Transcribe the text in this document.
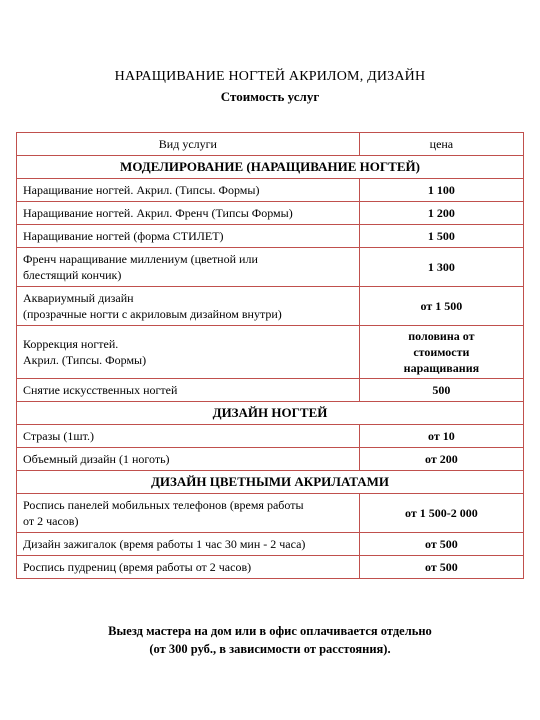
НАРАЩИВАНИЕ НОГТЕЙ АКРИЛОМ, ДИЗАЙН
Стоимость услуг
Вид услуги	цена
МОДЕЛИРОВАНИЕ (НАРАЩИВАНИЕ НОГТЕЙ)	
Наращивание ногтей. Акрил. (Типсы. Формы)	1 100
Наращивание ногтей. Акрил. Френч (Типсы Формы)	1 200
Наращивание ногтей (форма СТИЛЕТ)	1 500
Френч наращивание миллениум (цветной или
блестящий кончик)	1 300
Аквариумный дизайн
(прозрачные ногти с акриловым дизайном внутри)	от 1 500
Коррекция ногтей.
Акрил. (Типсы. Формы)	половина от
стоимости
наращивания
Снятие искусственных ногтей	500
ДИЗАЙН НОГТЕЙ	
Стразы (1шт.)	от 10
Объемный дизайн (1 ноготь)	от 200
ДИЗАЙН ЦВЕТНЫМИ АКРИЛАТАМИ	
Роспись панелей мобильных телефонов (время работы
от 2 часов)	от 1 500-2 000
Дизайн зажигалок (время работы 1 час 30 мин - 2 часа)	от 500
Роспись пудрениц (время работы от 2 часов)	от 500
Выезд мастера на дом или в офис оплачивается отдельно
(от 300 руб., в зависимости от расстояния).
